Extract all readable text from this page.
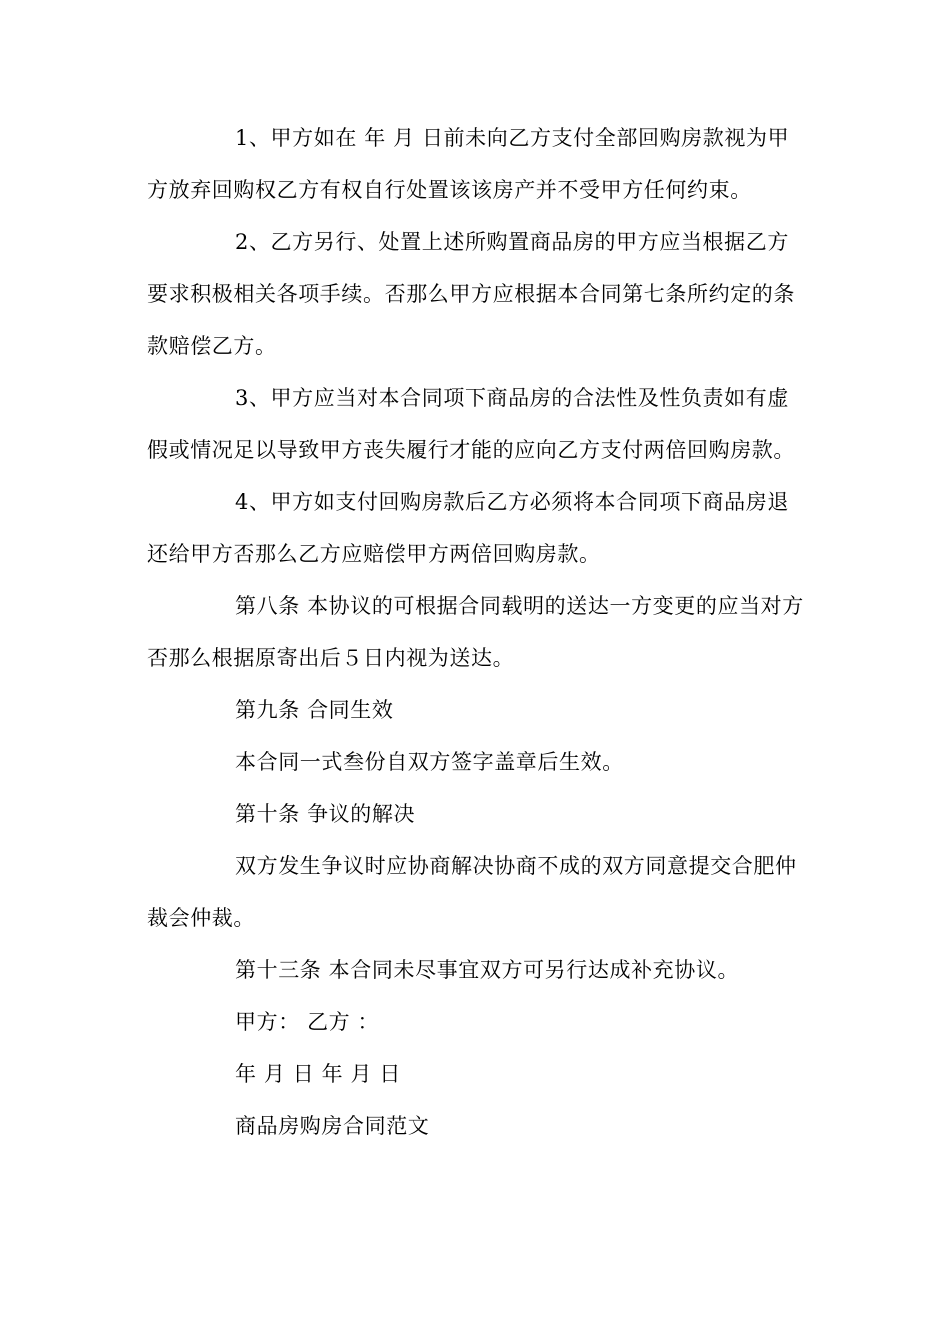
1、甲方如在 年 月 日前未向乙方支付全部回购房款视为甲方放弃回购权乙方有权自行处置该该房产并不受甲方任何约束。

2、乙方另行、处置上述所购置商品房的甲方应当根据乙方要求积极相关各项手续。否那么甲方应根据本合同第七条所约定的条款赔偿乙方。

3、甲方应当对本合同项下商品房的合法性及性负责如有虚假或情况足以导致甲方丧失履行才能的应向乙方支付两倍回购房款。

4、甲方如支付回购房款后乙方必须将本合同项下商品房退还给甲方否那么乙方应赔偿甲方两倍回购房款。

第八条 本协议的可根据合同载明的送达一方变更的应当对方否那么根据原寄出后５日内视为送达。

第九条 合同生效

本合同一式叁份自双方签字盖章后生效。

第十条 争议的解决

双方发生争议时应协商解决协商不成的双方同意提交合肥仲裁会仲裁。

第十三条 本合同未尽事宜双方可另行达成补充协议。

甲方： 乙方 ：

年 月 日 年 月 日

商品房购房合同范文
